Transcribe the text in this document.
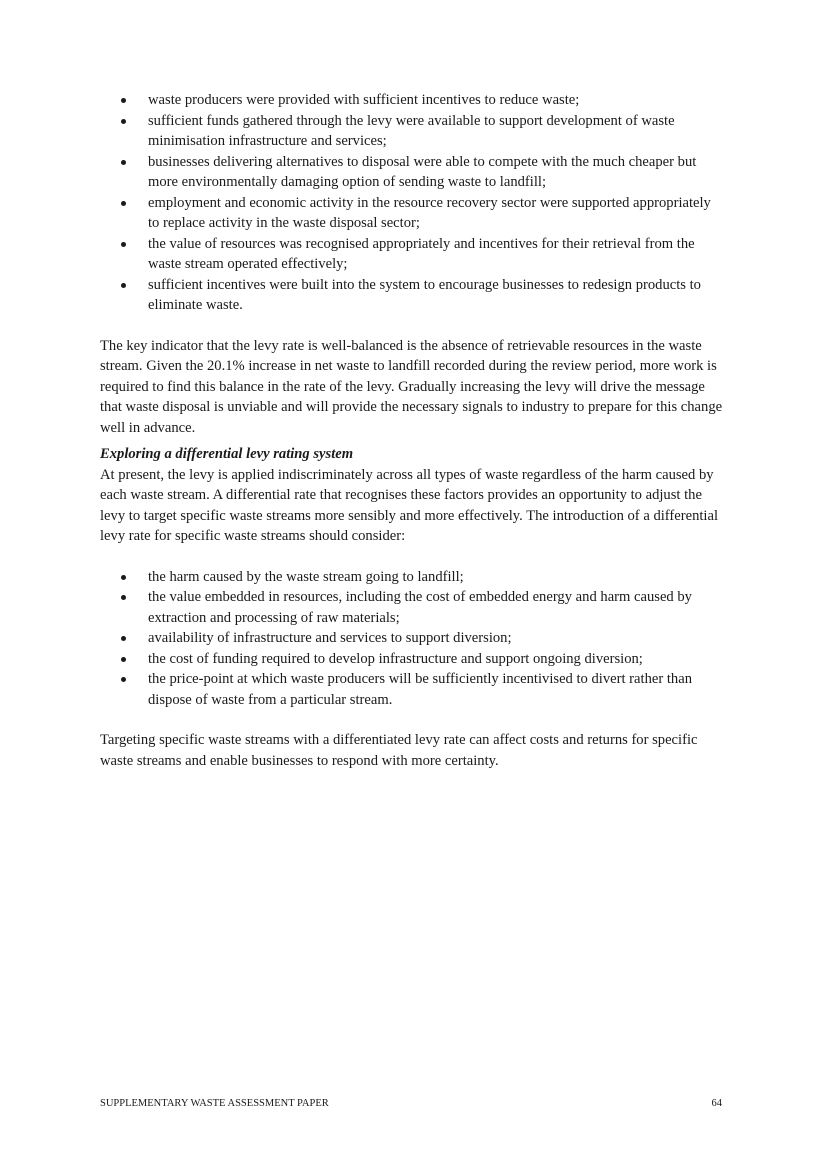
waste producers were provided with sufficient incentives to reduce waste;
sufficient funds gathered through the levy were available to support development of waste minimisation infrastructure and services;
businesses delivering alternatives to disposal were able to compete with the much cheaper but more environmentally damaging option of sending waste to landfill;
employment and economic activity in the resource recovery sector were supported appropriately to replace activity in the waste disposal sector;
the value of resources was recognised appropriately and incentives for their retrieval from the waste stream operated effectively;
sufficient incentives were built into the system to encourage businesses to redesign products to eliminate waste.

The key indicator that the levy rate is well-balanced is the absence of retrievable resources in the waste stream. Given the 20.1% increase in net waste to landfill recorded during the review period, more work is required to find this balance in the rate of the levy. Gradually increasing the levy will drive the message that waste disposal is unviable and will provide the necessary signals to industry to prepare for this change well in advance.

Exploring a differential levy rating system

At present, the levy is applied indiscriminately across all types of waste regardless of the harm caused by each waste stream. A differential rate that recognises these factors provides an opportunity to adjust the levy to target specific waste streams more sensibly and more effectively. The introduction of a differential levy rate for specific waste streams should consider:

the harm caused by the waste stream going to landfill;
the value embedded in resources, including the cost of embedded energy and harm caused by extraction and processing of raw materials;
availability of infrastructure and services to support diversion;
the cost of funding required to develop infrastructure and support ongoing diversion;
the price-point at which waste producers will be sufficiently incentivised to divert rather than dispose of waste from a particular stream.

Targeting specific waste streams with a differentiated levy rate can affect costs and returns for specific waste streams and enable businesses to respond with more certainty.

SUPPLEMENTARY WASTE ASSESSMENT PAPER	64
